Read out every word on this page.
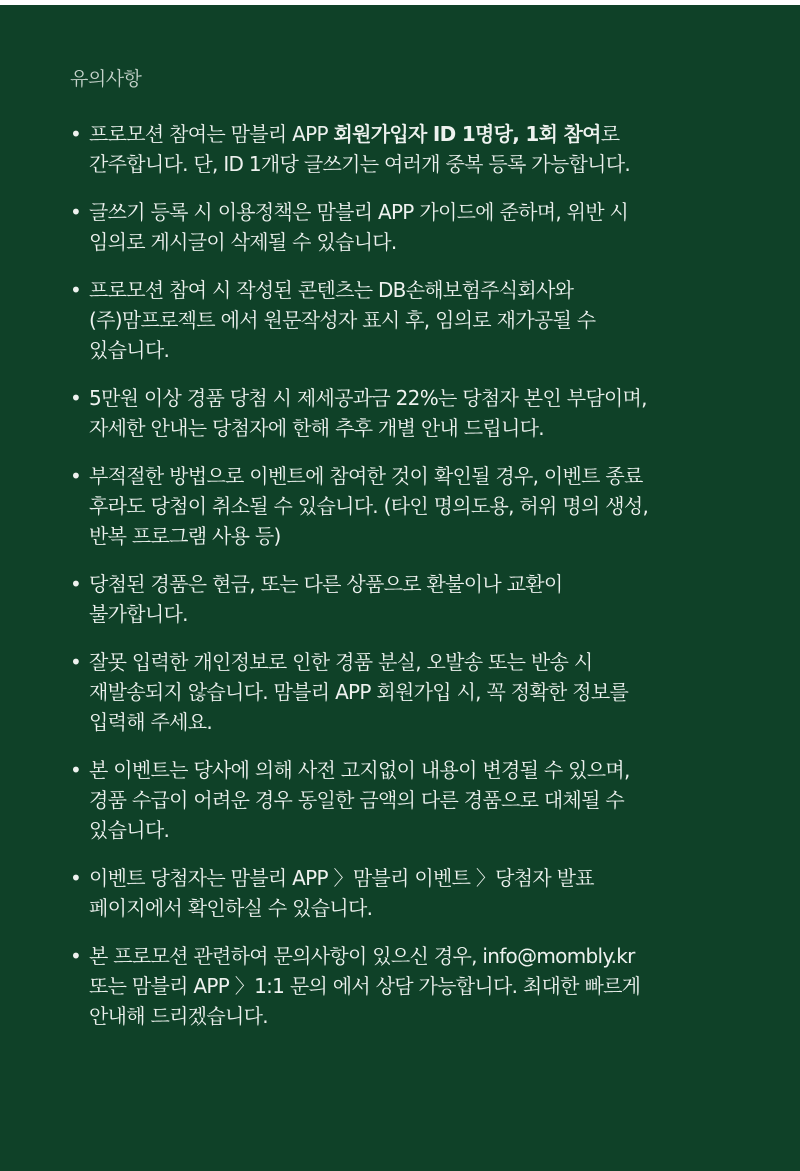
유의사항
• 프로모션 참여는 맘블리 APP 회원가입자 ID 1명당, 1회 참여로
간주합니다. 단, ID 1개당 글쓰기는 여러개 중복 등록 가능합니다.
• 글쓰기 등록 시 이용정책은 맘블리 APP 가이드에 준하며, 위반 시
임의로 게시글이 삭제될 수 있습니다.
• 프로모션 참여 시 작성된 콘텐츠는 DB손해보험주식회사와
(주)맘프로젝트 에서 원문작성자 표시 후, 임의로 재가공될 수
있습니다.
• 5만원 이상 경품 당첨 시 제세공과금 22%는 당첨자 본인 부담이며,
자세한 안내는 당첨자에 한해 추후 개별 안내 드립니다.
• 부적절한 방법으로 이벤트에 참여한 것이 확인될 경우, 이벤트 종료
후라도 당첨이 취소될 수 있습니다. (타인 명의도용, 허위 명의 생성,
반복 프로그램 사용 등)
• 당첨된 경품은 현금, 또는 다른 상품으로 환불이나 교환이
불가합니다.
• 잘못 입력한 개인정보로 인한 경품 분실, 오발송 또는 반송 시
재발송되지 않습니다. 맘블리 APP 회원가입 시, 꼭 정확한 정보를
입력해 주세요.
• 본 이벤트는 당사에 의해 사전 고지없이 내용이 변경될 수 있으며,
경품 수급이 어려운 경우 동일한 금액의 다른 경품으로 대체될 수
있습니다.
• 이벤트 당첨자는 맘블리 APP 〉맘블리 이벤트 〉당첨자 발표
페이지에서 확인하실 수 있습니다.
• 본 프로모션 관련하여 문의사항이 있으신 경우, info@mombly.kr
또는 맘블리 APP 〉1:1 문의 에서 상담 가능합니다. 최대한 빠르게
안내해 드리겠습니다.
